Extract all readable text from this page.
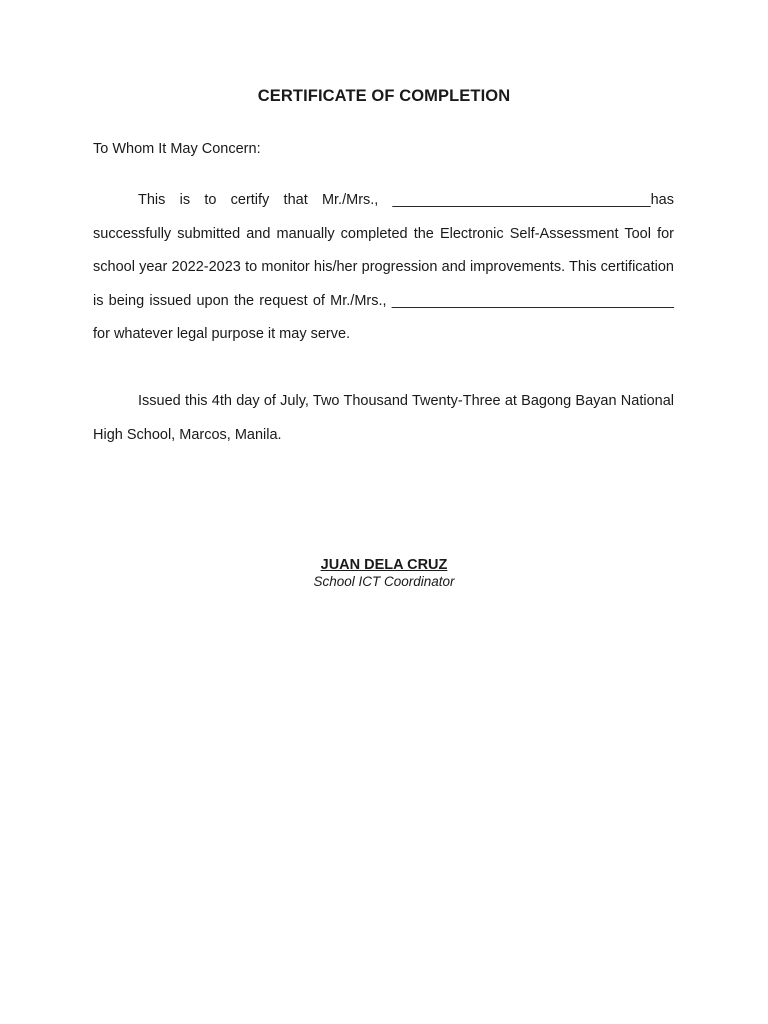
CERTIFICATE OF COMPLETION

To Whom It May Concern:

This is to certify that Mr./Mrs., ________________________________has successfully submitted and manually completed the Electronic Self-Assessment Tool for school year 2022-2023 to monitor his/her progression and improvements. This certification is being issued upon the request of Mr./Mrs., ___________________________________ for whatever legal purpose it may serve.

Issued this 4th day of July, Two Thousand Twenty-Three at Bagong Bayan National High School, Marcos, Manila.

JUAN DELA CRUZ
School ICT Coordinator
